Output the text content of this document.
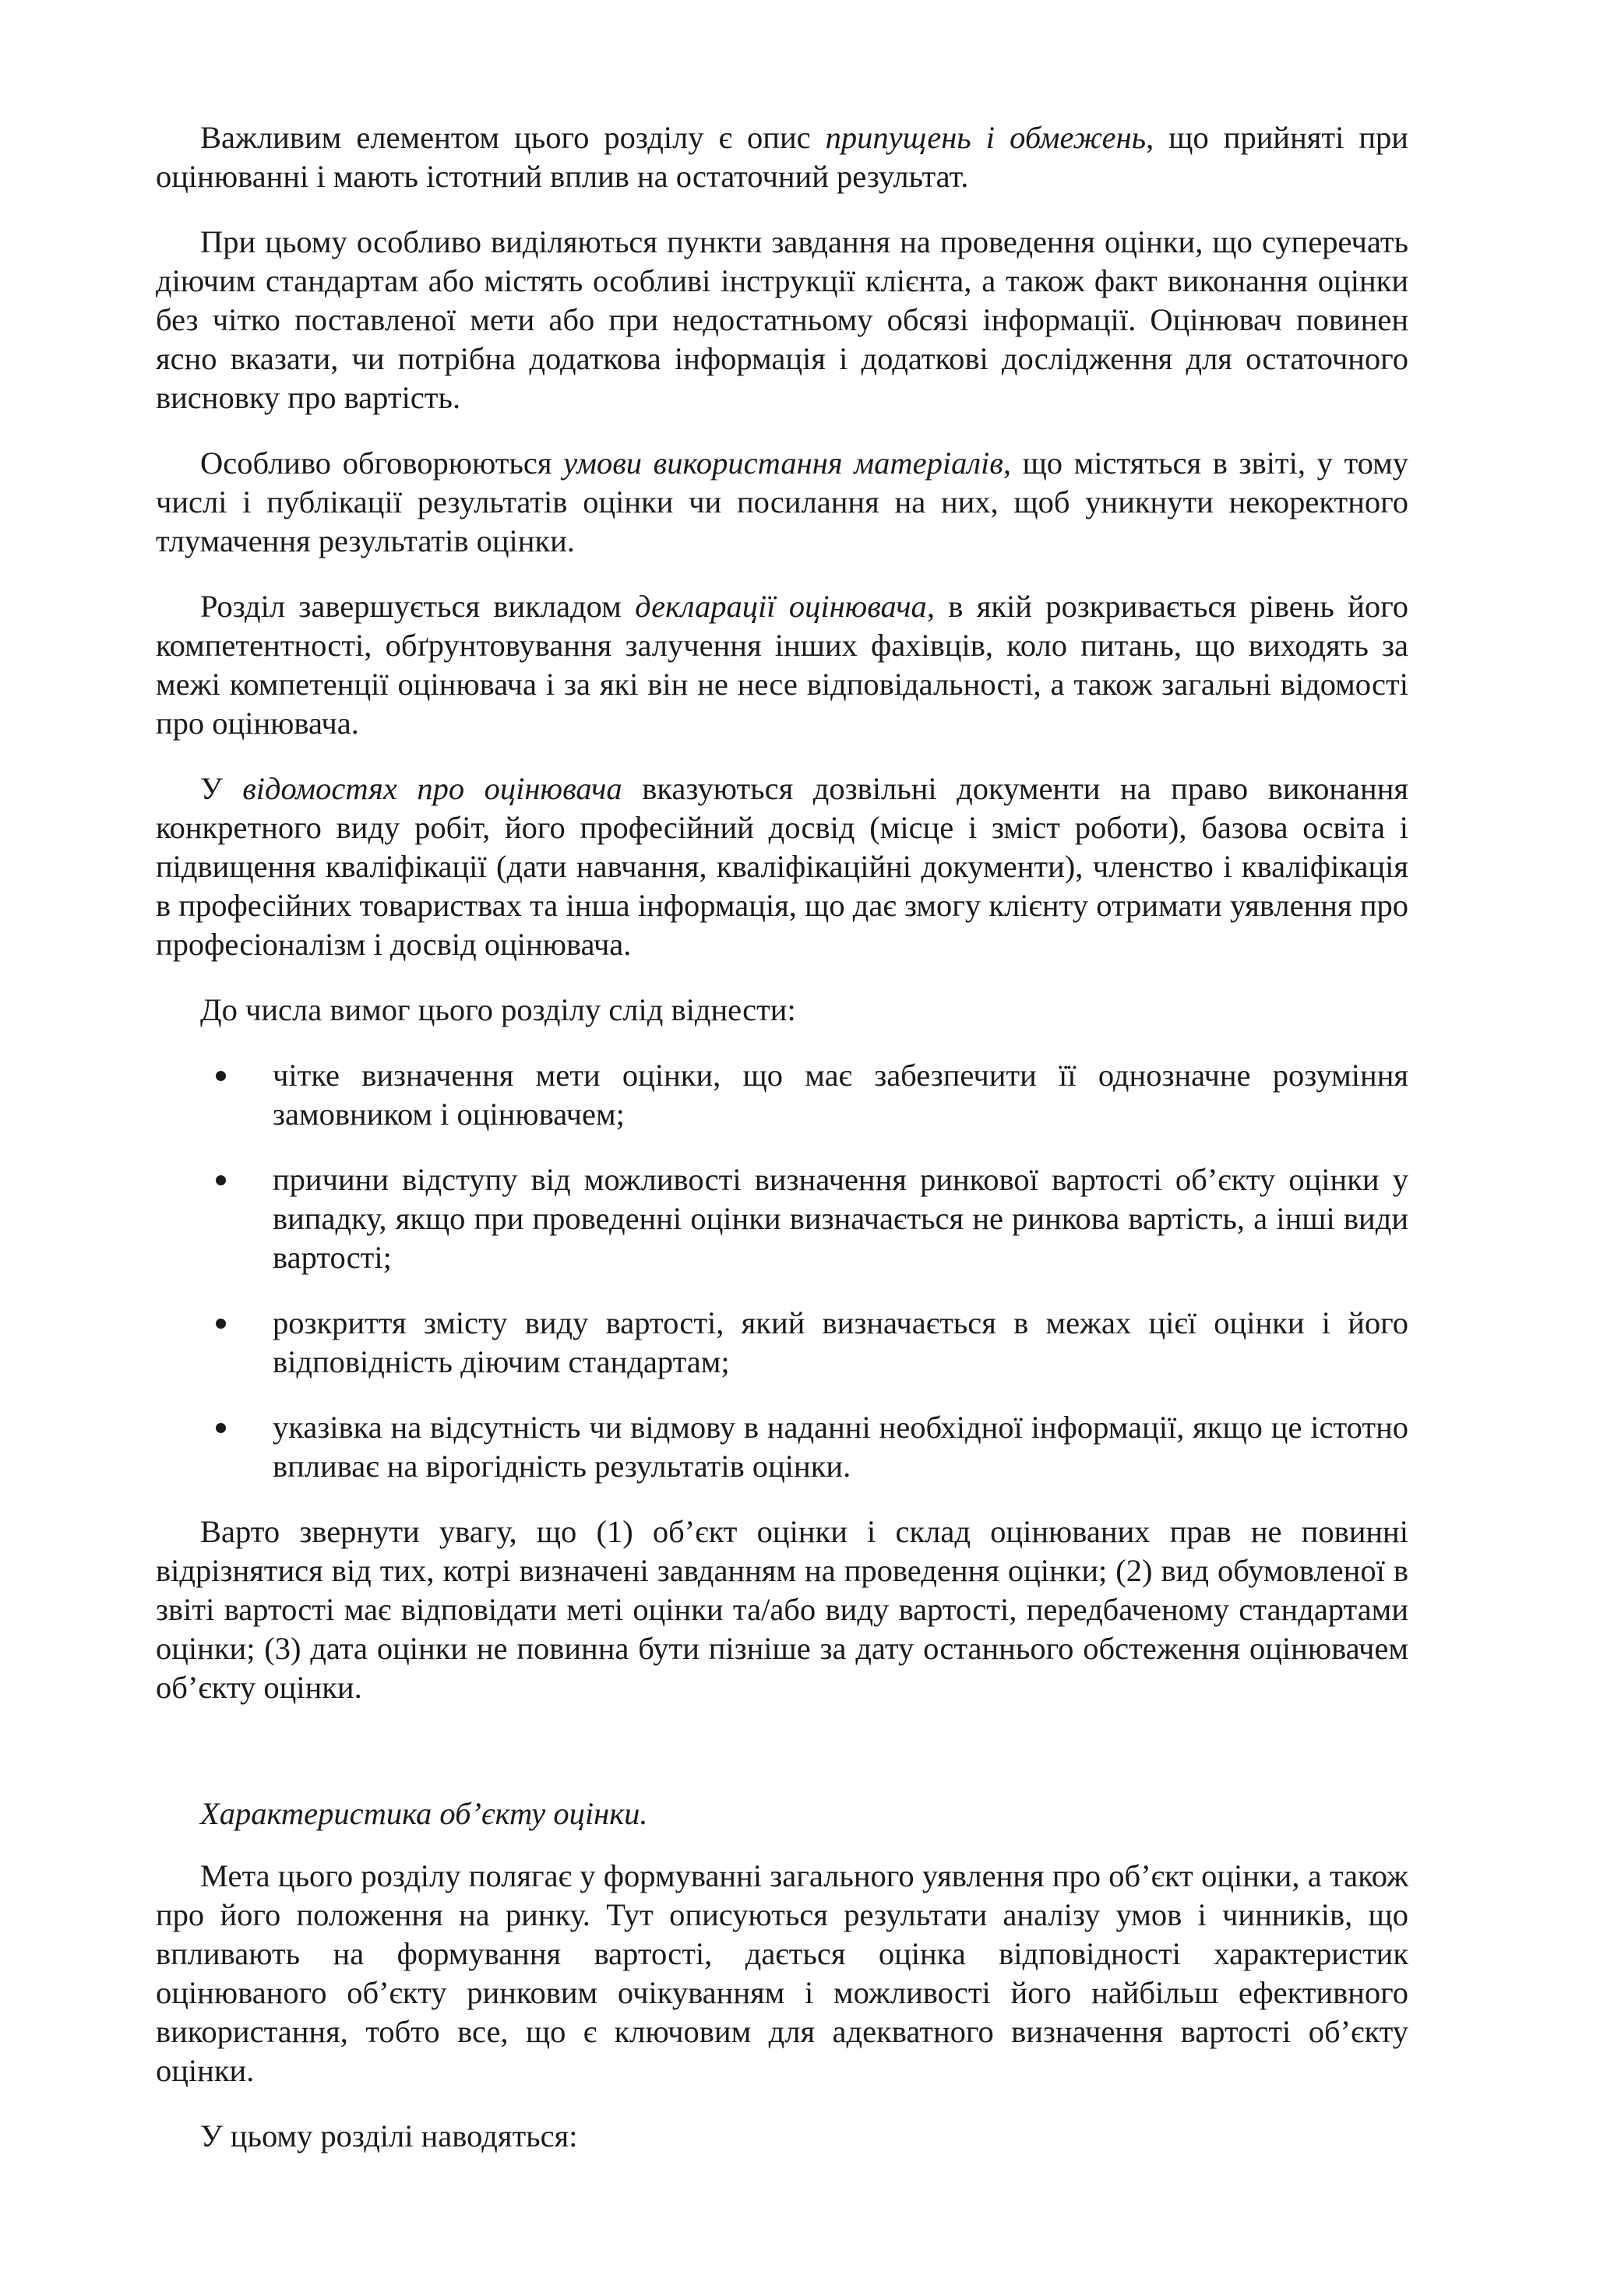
Важливим елементом цього розділу є опис припущень і обмежень, що прийняті при оцінюванні і мають істотний вплив на остаточний результат.

При цьому особливо виділяються пункти завдання на проведення оцінки, що суперечать діючим стандартам або містять особливі інструкції клієнта, а також факт виконання оцінки без чітко поставленої мети або при недостатньому обсязі інформації. Оцінювач повинен ясно вказати, чи потрібна додаткова інформація і додаткові дослідження для остаточного висновку про вартість.

Особливо обговорюються умови використання матеріалів, що містяться в звіті, у тому числі і публікації результатів оцінки чи посилання на них, щоб уникнути некоректного тлумачення результатів оцінки.

Розділ завершується викладом декларації оцінювача, в якій розкривається рівень його компетентності, обґрунтовування залучення інших фахівців, коло питань, що виходять за межі компетенції оцінювача і за які він не несе відповідальності, а також загальні відомості про оцінювача.

У відомостях про оцінювача вказуються дозвільні документи на право виконання конкретного виду робіт, його професійний досвід (місце і зміст роботи), базова освіта і підвищення кваліфікації (дати навчання, кваліфікаційні документи), членство і кваліфікація в професійних товариствах та інша інформація, що дає змогу клієнту отримати уявлення про професіоналізм і досвід оцінювача.

До числа вимог цього розділу слід віднести:

чітке визначення мети оцінки, що має забезпечити її однозначне розуміння замовником і оцінювачем;
причини відступу від можливості визначення ринкової вартості об’єкту оцінки у випадку, якщо при проведенні оцінки визначається не ринкова вартість, а інші види вартості;
розкриття змісту виду вартості, який визначається в межах цієї оцінки і його відповідність діючим стандартам;
указівка на відсутність чи відмову в наданні необхідної інформації, якщо це істотно впливає на вірогідність результатів оцінки.

Варто звернути увагу, що (1) об’єкт оцінки і склад оцінюваних прав не повинні відрізнятися від тих, котрі визначені завданням на проведення оцінки; (2) вид обумовленої в звіті вартості має відповідати меті оцінки та/або виду вартості, передбаченому стандартами оцінки; (3) дата оцінки не повинна бути пізніше за дату останнього обстеження оцінювачем об’єкту оцінки.

Характеристика об’єкту оцінки.

Мета цього розділу полягає у формуванні загального уявлення про об’єкт оцінки, а також про його положення на ринку. Тут описуються результати аналізу умов і чинників, що впливають на формування вартості, дається оцінка відповідності характеристик оцінюваного об’єкту ринковим очікуванням і можливості його найбільш ефективного використання, тобто все, що є ключовим для адекватного визначення вартості об’єкту оцінки.

У цьому розділі наводяться:
